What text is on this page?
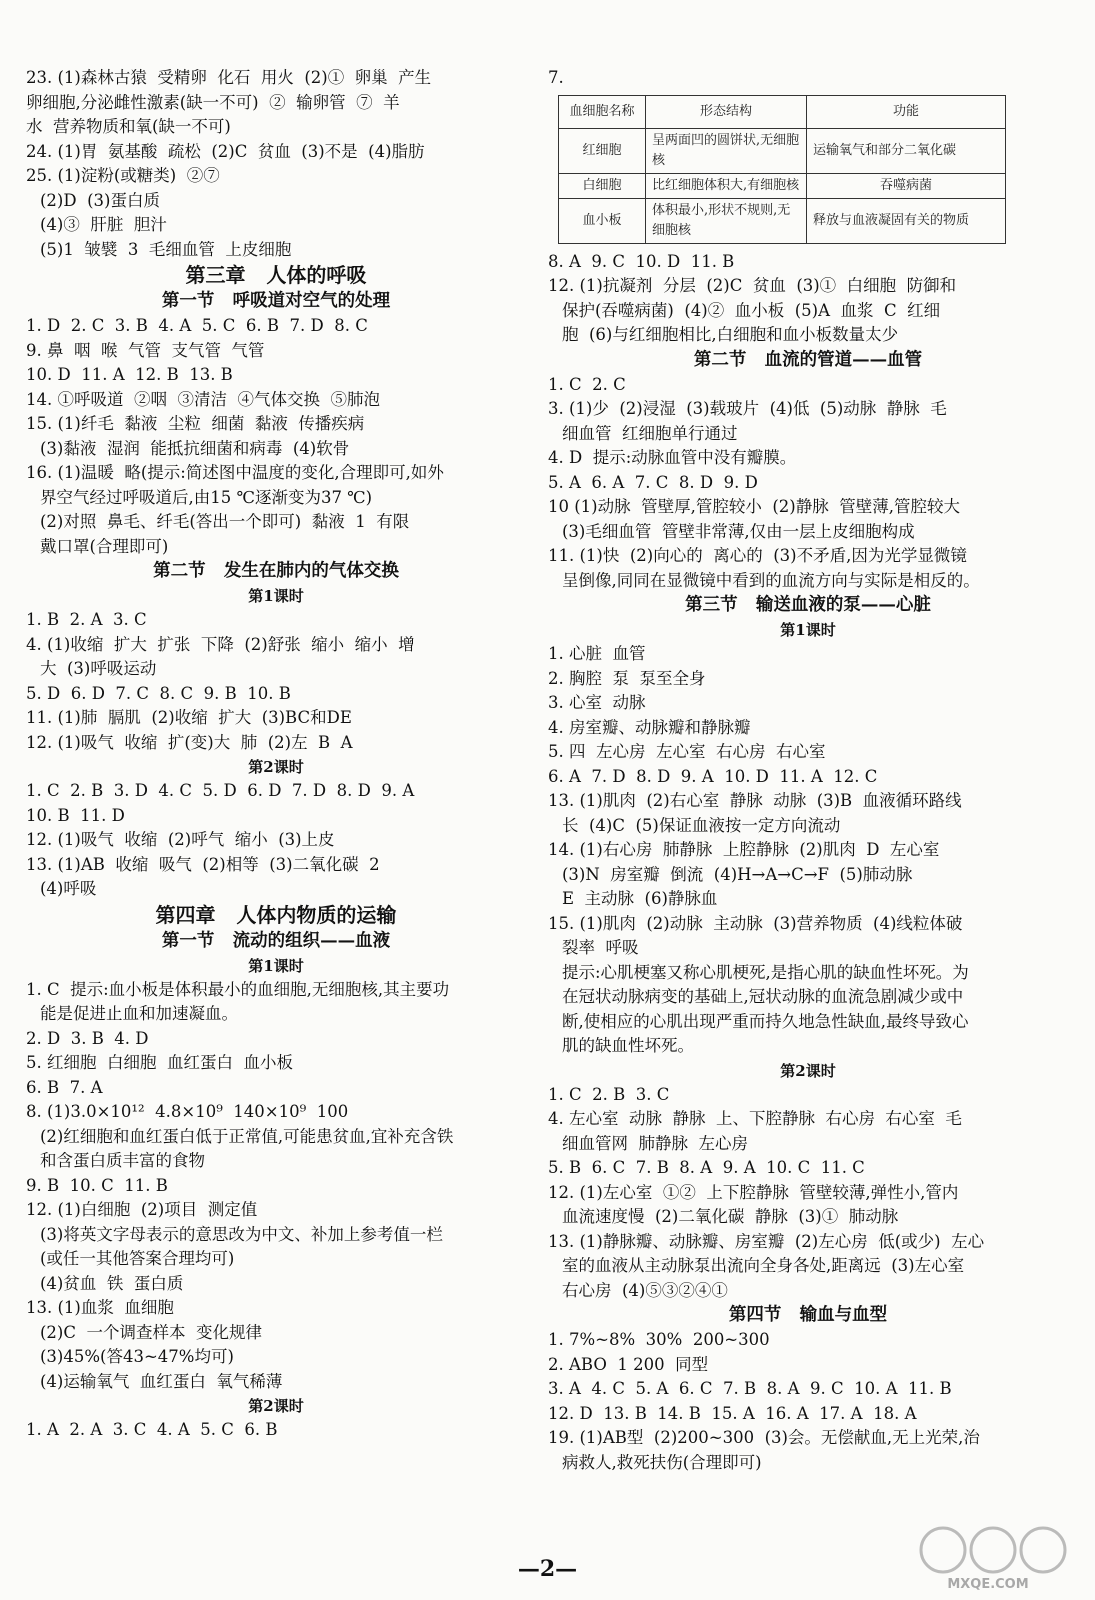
23. (1)森林古猿  受精卵  化石  用火  (2)①  卵巢  产生
卵细胞,分泌雌性激素(缺一不可)  ②  输卵管  ⑦  羊
水  营养物质和氧(缺一不可)
24. (1)胃  氨基酸  疏松  (2)C  贫血  (3)不是  (4)脂肪
25. (1)淀粉(或糖类)  ②⑦
(2)D  (3)蛋白质
(4)③  肝脏  胆汁
(5)1  皱襞  3  毛细血管  上皮细胞
第三章   人体的呼吸
第一节   呼吸道对空气的处理
1. D  2. C  3. B  4. A  5. C  6. B  7. D  8. C
9. 鼻  咽  喉  气管  支气管  气管
10. D  11. A  12. B  13. B
14. ①呼吸道  ②咽  ③清洁  ④气体交换  ⑤肺泡
15. (1)纤毛  黏液  尘粒  细菌  黏液  传播疾病
(3)黏液  湿润  能抵抗细菌和病毒  (4)软骨
16. (1)温暖  略(提示:简述图中温度的变化,合理即可,如外
界空气经过呼吸道后,由15 ℃逐渐变为37 ℃)
(2)对照  鼻毛、纤毛(答出一个即可)  黏液  1  有限
戴口罩(合理即可)
第二节   发生在肺内的气体交换
第1课时
1. B  2. A  3. C
4. (1)收缩  扩大  扩张  下降  (2)舒张  缩小  缩小  增
大  (3)呼吸运动
5. D  6. D  7. C  8. C  9. B  10. B
11. (1)肺  膈肌  (2)收缩  扩大  (3)BC和DE
12. (1)吸气  收缩  扩(变)大  肺  (2)左  B  A
第2课时
1. C  2. B  3. D  4. C  5. D  6. D  7. D  8. D  9. A
10. B  11. D
12. (1)吸气  收缩  (2)呼气  缩小  (3)上皮
13. (1)AB  收缩  吸气  (2)相等  (3)二氧化碳  2
(4)呼吸
第四章   人体内物质的运输
第一节   流动的组织——血液
第1课时
1. C  提示:血小板是体积最小的血细胞,无细胞核,其主要功
能是促进止血和加速凝血。
2. D  3. B  4. D
5. 红细胞  白细胞  血红蛋白  血小板
6. B  7. A
8. (1)3.0×10¹²  4.8×10⁹  140×10⁹  100
(2)红细胞和血红蛋白低于正常值,可能患贫血,宜补充含铁
和含蛋白质丰富的食物
9. B  10. C  11. B
12. (1)白细胞  (2)项目  测定值
(3)将英文字母表示的意思改为中文、补加上参考值一栏
(或任一其他答案合理均可)
(4)贫血  铁  蛋白质
13. (1)血浆  血细胞
(2)C  一个调查样本  变化规律
(3)45%(答43~47%均可)
(4)运输氧气  血红蛋白  氧气稀薄
第2课时
1. A  2. A  3. C  4. A  5. C  6. B
7.
血细胞名称	形态结构	功能
红细胞	呈两面凹的圆饼状,无细胞核	运输氧气和部分二氧化碳
白细胞	比红细胞体积大,有细胞核	吞噬病菌
血小板	体积最小,形状不规则,无细胞核	释放与血液凝固有关的物质
8. A  9. C  10. D  11. B
12. (1)抗凝剂  分层  (2)C  贫血  (3)①  白细胞  防御和
保护(吞噬病菌)  (4)②  血小板  (5)A  血浆  C  红细
胞  (6)与红细胞相比,白细胞和血小板数量太少
第二节   血流的管道——血管
1. C  2. C
3. (1)少  (2)浸湿  (3)载玻片  (4)低  (5)动脉  静脉  毛
细血管  红细胞单行通过
4. D  提示:动脉血管中没有瓣膜。
5. A  6. A  7. C  8. D  9. D
10 (1)动脉  管壁厚,管腔较小  (2)静脉  管壁薄,管腔较大
(3)毛细血管  管壁非常薄,仅由一层上皮细胞构成
11. (1)快  (2)向心的  离心的  (3)不矛盾,因为光学显微镜
呈倒像,同同在显微镜中看到的血流方向与实际是相反的。
第三节   输送血液的泵——心脏
第1课时
1. 心脏  血管
2. 胸腔  泵  泵至全身
3. 心室  动脉
4. 房室瓣、动脉瓣和静脉瓣
5. 四  左心房  左心室  右心房  右心室
6. A  7. D  8. D  9. A  10. D  11. A  12. C
13. (1)肌肉  (2)右心室  静脉  动脉  (3)B  血液循环路线
长  (4)C  (5)保证血液按一定方向流动
14. (1)右心房  肺静脉  上腔静脉  (2)肌肉  D  左心室
(3)N  房室瓣  倒流  (4)H→A→C→F  (5)肺动脉
E  主动脉  (6)静脉血
15. (1)肌肉  (2)动脉  主动脉  (3)营养物质  (4)线粒体破
裂率  呼吸
提示:心肌梗塞又称心肌梗死,是指心肌的缺血性坏死。为
在冠状动脉病变的基础上,冠状动脉的血流急剧减少或中
断,使相应的心肌出现严重而持久地急性缺血,最终导致心
肌的缺血性坏死。
第2课时
1. C  2. B  3. C
4. 左心室  动脉  静脉  上、下腔静脉  右心房  右心室  毛
细血管网  肺静脉  左心房
5. B  6. C  7. B  8. A  9. A  10. C  11. C
12. (1)左心室  ①②  上下腔静脉  管壁较薄,弹性小,管内
血流速度慢  (2)二氧化碳  静脉  (3)①  肺动脉
13. (1)静脉瓣、动脉瓣、房室瓣  (2)左心房  低(或少)  左心
室的血液从主动脉泵出流向全身各处,距离远  (3)左心室
右心房  (4)⑤③②④①
第四节   输血与血型
1. 7%~8%  30%  200~300
2. ABO  1 200  同型
3. A  4. C  5. A  6. C  7. B  8. A  9. C  10. A  11. B
12. D  13. B  14. B  15. A  16. A  17. A  18. A
19. (1)AB型  (2)200~300  (3)会。无偿献血,无上光荣,治
病救人,救死扶伤(合理即可)
—2—
MXQE.COM
